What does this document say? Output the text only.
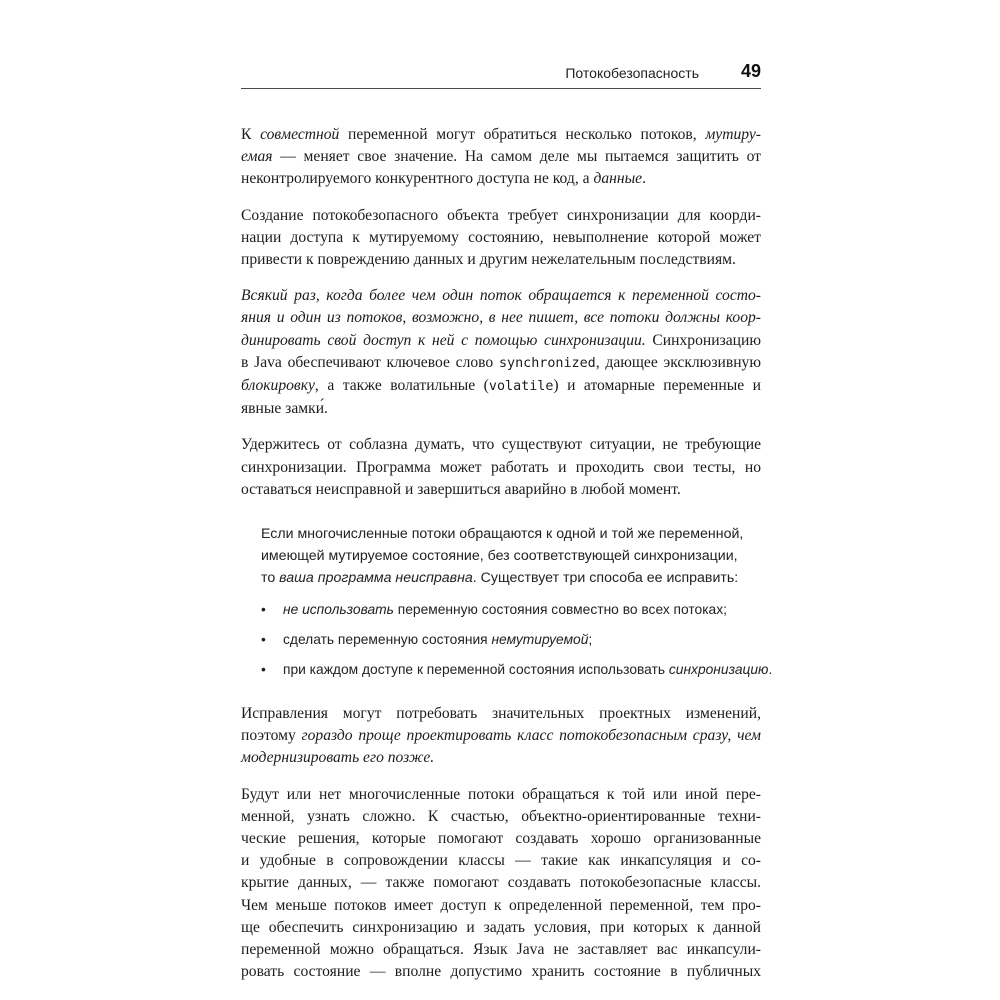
Потокобезопасность 49
К совместной переменной могут обратиться несколько потоков, мутиру-
емая — меняет свое значение. На самом деле мы пытаемся защитить от
неконтролируемого конкурентного доступа не код, а данные.
Создание потокобезопасного объекта требует синхронизации для коорди-
нации доступа к мутируемому состоянию, невыполнение которой может
привести к повреждению данных и другим нежелательным последствиям.
Всякий раз, когда более чем один поток обращается к переменной состо-
яния и один из потоков, возможно, в нее пишет, все потоки должны коор-
динировать свой доступ к ней с помощью синхронизации. Синхронизацию
в Java обеспечивают ключевое слово synchronized, дающее эксклюзивную
блокировку, а также волатильные (volatile) и атомарные переменные и
явные замки́.
Удержитесь от соблазна думать, что существуют ситуации, не требующие
синхронизации. Программа может работать и проходить свои тесты, но
оставаться неисправной и завершиться аварийно в любой момент.
Если многочисленные потоки обращаются к одной и той же переменной,
имеющей мутируемое состояние, без соответствующей синхронизации,
то ваша программа неисправна. Существует три способа ее исправить:
• не использовать переменную состояния совместно во всех потоках;
• сделать переменную состояния немутируемой;
• при каждом доступе к переменной состояния использовать синхронизацию.
Исправления могут потребовать значительных проектных изменений,
поэтому гораздо проще проектировать класс потокобезопасным сразу, чем
модернизировать его позже.
Будут или нет многочисленные потоки обращаться к той или иной пере-
менной, узнать сложно. К счастью, объектно-ориентированные техни-
ческие решения, которые помогают создавать хорошо организованные
и удобные в сопровождении классы — такие как инкапсуляция и со-
крытие данных, — также помогают создавать потокобезопасные классы.
Чем меньше потоков имеет доступ к определенной переменной, тем про-
ще обеспечить синхронизацию и задать условия, при которых к данной
переменной можно обращаться. Язык Java не заставляет вас инкапсули-
ровать состояние — вполне допустимо хранить состояние в публичных
